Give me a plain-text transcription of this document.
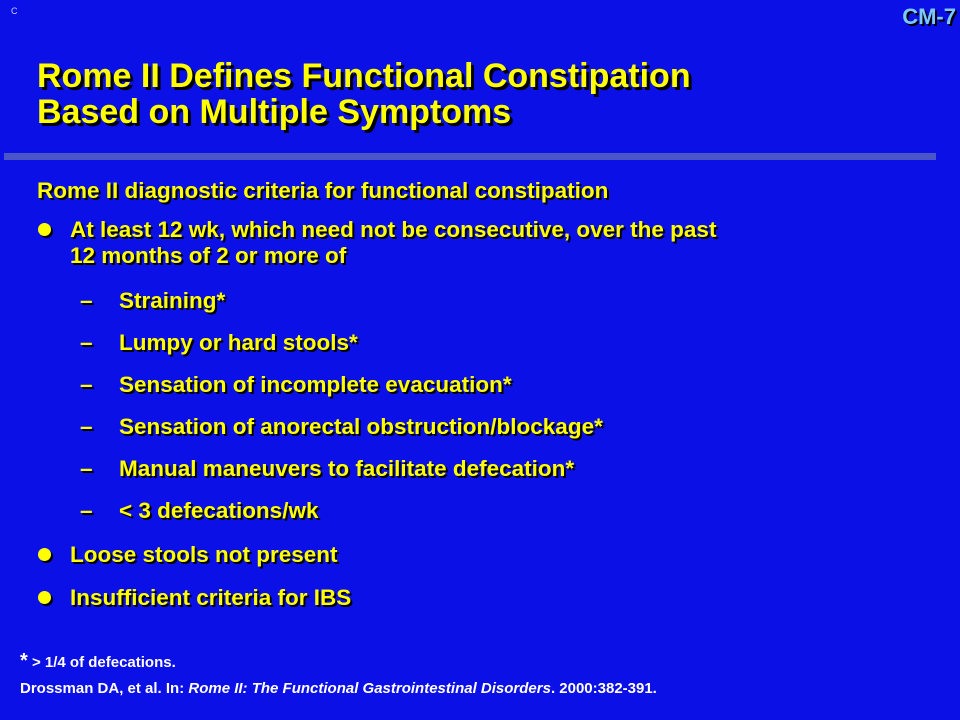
C	CM-7
Rome II Defines Functional Constipation
Based on Multiple Symptoms

Rome II diagnostic criteria for functional constipation

At least 12 wk, which need not be consecutive, over the past
12 months of 2 or more of
– Straining*
– Lumpy or hard stools*
– Sensation of incomplete evacuation*
– Sensation of anorectal obstruction/blockage*
– Manual maneuvers to facilitate defecation*
– < 3 defecations/wk
Loose stools not present
Insufficient criteria for IBS
* > 1/4 of defecations.
Drossman DA, et al. In: Rome II: The Functional Gastrointestinal Disorders. 2000:382-391.
